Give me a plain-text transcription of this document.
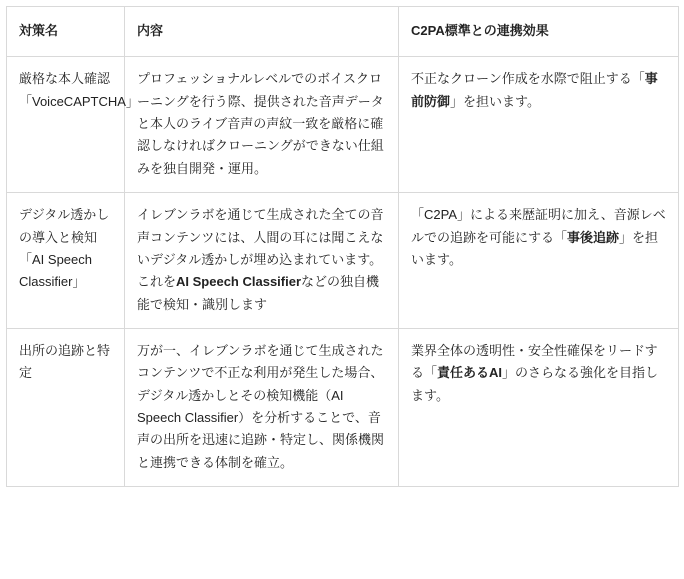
対策名	内容	C2PA標準との連携効果
厳格な本人確認「VoiceCAPTCHA」	プロフェッショナルレベルでのボイスクローニングを行う際、提供された音声データと本人のライブ音声の声紋一致を厳格に確認しなければクローニングができない仕組みを独自開発・運用。	不正なクローン作成を水際で阻止する「事前防御」を担います。
デジタル透かしの導入と検知「AI Speech Classifier」	イレブンラボを通じて生成された全ての音声コンテンツには、人間の耳には聞こえないデジタル透かしが埋め込まれています。これをAI Speech Classifierなどの独自機能で検知・識別します	「C2PA」による来歴証明に加え、音源レベルでの追跡を可能にする「事後追跡」を担います。
出所の追跡と特定	万が一、イレブンラボを通じて生成されたコンテンツで不正な利用が発生した場合、デジタル透かしとその検知機能（AI Speech Classifier）を分析することで、音声の出所を迅速に追跡・特定し、関係機関と連携できる体制を確立。	業界全体の透明性・安全性確保をリードする「責任あるAI」のさらなる強化を目指します。
